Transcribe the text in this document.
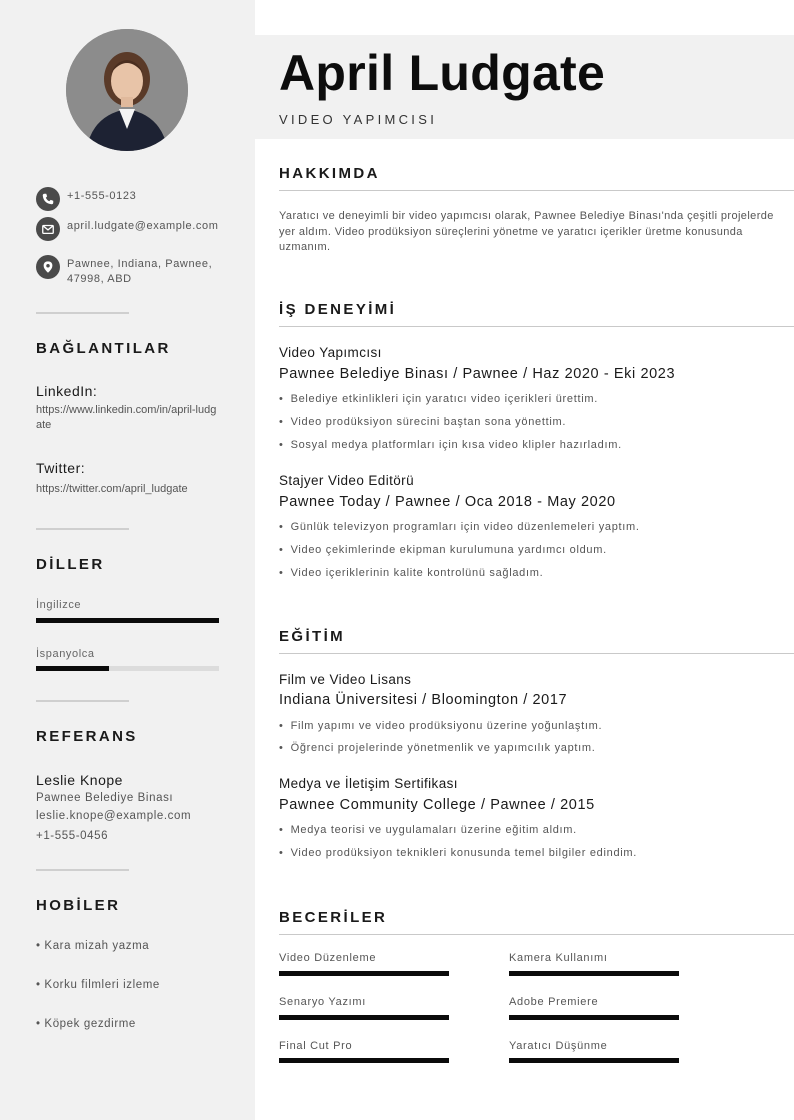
+1-555-0123
april.ludgate@example.com
Pawnee, Indiana, Pawnee, 47998, ABD
BAĞLANTILAR
LinkedIn:
https://www.linkedin.com/in/april-ludgate
Twitter:
https://twitter.com/april_ludgate
DİLLER
İngilizce
İspanyolca
REFERANS
Leslie Knope
Pawnee Belediye Binası
leslie.knope@example.com
+1-555-0456
HOBİLER
• Kara mizah yazma
• Korku filmleri izleme
• Köpek gezdirme
April Ludgate
VIDEO YAPIMCISI
HAKKIMDA
Yaratıcı ve deneyimli bir video yapımcısı olarak, Pawnee Belediye Binası'nda çeşitli projelerde yer aldım. Video prodüksiyon süreçlerini yönetme ve yaratıcı içerikler üretme konusunda uzmanım.
İŞ DENEYİMİ
Video Yapımcısı
Pawnee Belediye Binası / Pawnee / Haz 2020 - Eki 2023
• Belediye etkinlikleri için yaratıcı video içerikleri ürettim.
• Video prodüksiyon sürecini baştan sona yönettim.
• Sosyal medya platformları için kısa video klipler hazırladım.
Stajyer Video Editörü
Pawnee Today / Pawnee / Oca 2018 - May 2020
• Günlük televizyon programları için video düzenlemeleri yaptım.
• Video çekimlerinde ekipman kurulumuna yardımcı oldum.
• Video içeriklerinin kalite kontrolünü sağladım.
EĞİTİM
Film ve Video Lisans
Indiana Üniversitesi / Bloomington / 2017
• Film yapımı ve video prodüksiyonu üzerine yoğunlaştım.
• Öğrenci projelerinde yönetmenlik ve yapımcılık yaptım.
Medya ve İletişim Sertifikası
Pawnee Community College / Pawnee / 2015
• Medya teorisi ve uygulamaları üzerine eğitim aldım.
• Video prodüksiyon teknikleri konusunda temel bilgiler edindim.
BECERİLER
Video Düzenleme	Kamera Kullanımı
Senaryo Yazımı	Adobe Premiere
Final Cut Pro	Yaratıcı Düşünme
